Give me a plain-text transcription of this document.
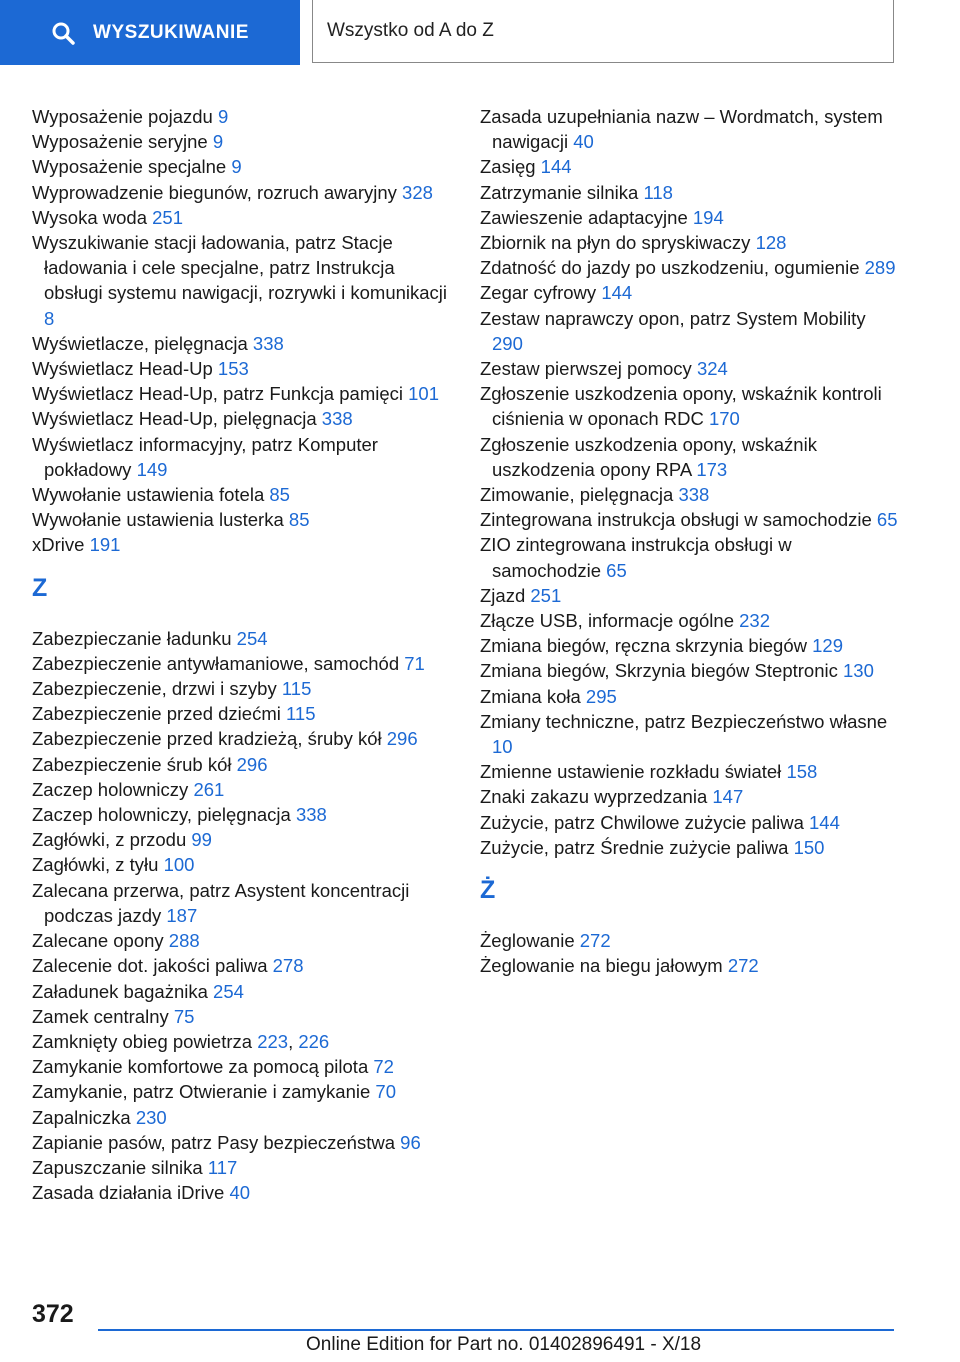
WYSZUKIWANIE	Wszystko od A do Z
Wyposażenie pojazdu 9
Wyposażenie seryjne 9
Wyposażenie specjalne 9
Wyprowadzenie biegunów, rozruch awaryjny 328
Wysoka woda 251
Wyszukiwanie stacji ładowania, patrz Stacje ładowania i cele specjalne, patrz Instrukcja obsługi systemu nawigacji, rozrywki i komunikacji 8
Wyświetlacze, pielęgnacja 338
Wyświetlacz Head-Up 153
Wyświetlacz Head-Up, patrz Funkcja pamięci 101
Wyświetlacz Head-Up, pielęgnacja 338
Wyświetlacz informacyjny, patrz Komputer pokładowy 149
Wywołanie ustawienia fotela 85
Wywołanie ustawienia lusterka 85
xDrive 191
Z
Zabezpieczanie ładunku 254
Zabezpieczenie antywłamaniowe, samochód 71
Zabezpieczenie, drzwi i szyby 115
Zabezpieczenie przed dziećmi 115
Zabezpieczenie przed kradzieżą, śruby kół 296
Zabezpieczenie śrub kół 296
Zaczep holowniczy 261
Zaczep holowniczy, pielęgnacja 338
Zagłówki, z przodu 99
Zagłówki, z tyłu 100
Zalecana przerwa, patrz Asystent koncentracji podczas jazdy 187
Zalecane opony 288
Zalecenie dot. jakości paliwa 278
Załadunek bagażnika 254
Zamek centralny 75
Zamknięty obieg powietrza 223, 226
Zamykanie komfortowe za pomocą pilota 72
Zamykanie, patrz Otwieranie i zamykanie 70
Zapalniczka 230
Zapianie pasów, patrz Pasy bezpieczeństwa 96
Zapuszczanie silnika 117
Zasada działania iDrive 40
Zasada uzupełniania nazw – Wordmatch, system nawigacji 40
Zasięg 144
Zatrzymanie silnika 118
Zawieszenie adaptacyjne 194
Zbiornik na płyn do spryskiwaczy 128
Zdatność do jazdy po uszkodzeniu, ogumienie 289
Zegar cyfrowy 144
Zestaw naprawczy opon, patrz System Mobility 290
Zestaw pierwszej pomocy 324
Zgłoszenie uszkodzenia opony, wskaźnik kontroli ciśnienia w oponach RDC 170
Zgłoszenie uszkodzenia opony, wskaźnik uszkodzenia opony RPA 173
Zimowanie, pielęgnacja 338
Zintegrowana instrukcja obsługi w samochodzie 65
ZIO zintegrowana instrukcja obsługi w samochodzie 65
Zjazd 251
Złącze USB, informacje ogólne 232
Zmiana biegów, ręczna skrzynia biegów 129
Zmiana biegów, Skrzynia biegów Steptronic 130
Zmiana koła 295
Zmiany techniczne, patrz Bezpieczeństwo własne 10
Zmienne ustawienie rozkładu świateł 158
Znaki zakazu wyprzedzania 147
Zużycie, patrz Chwilowe zużycie paliwa 144
Zużycie, patrz Średnie zużycie paliwa 150
Ż
Żeglowanie 272
Żeglowanie na biegu jałowym 272
372
Online Edition for Part no. 01402896491 - X/18
